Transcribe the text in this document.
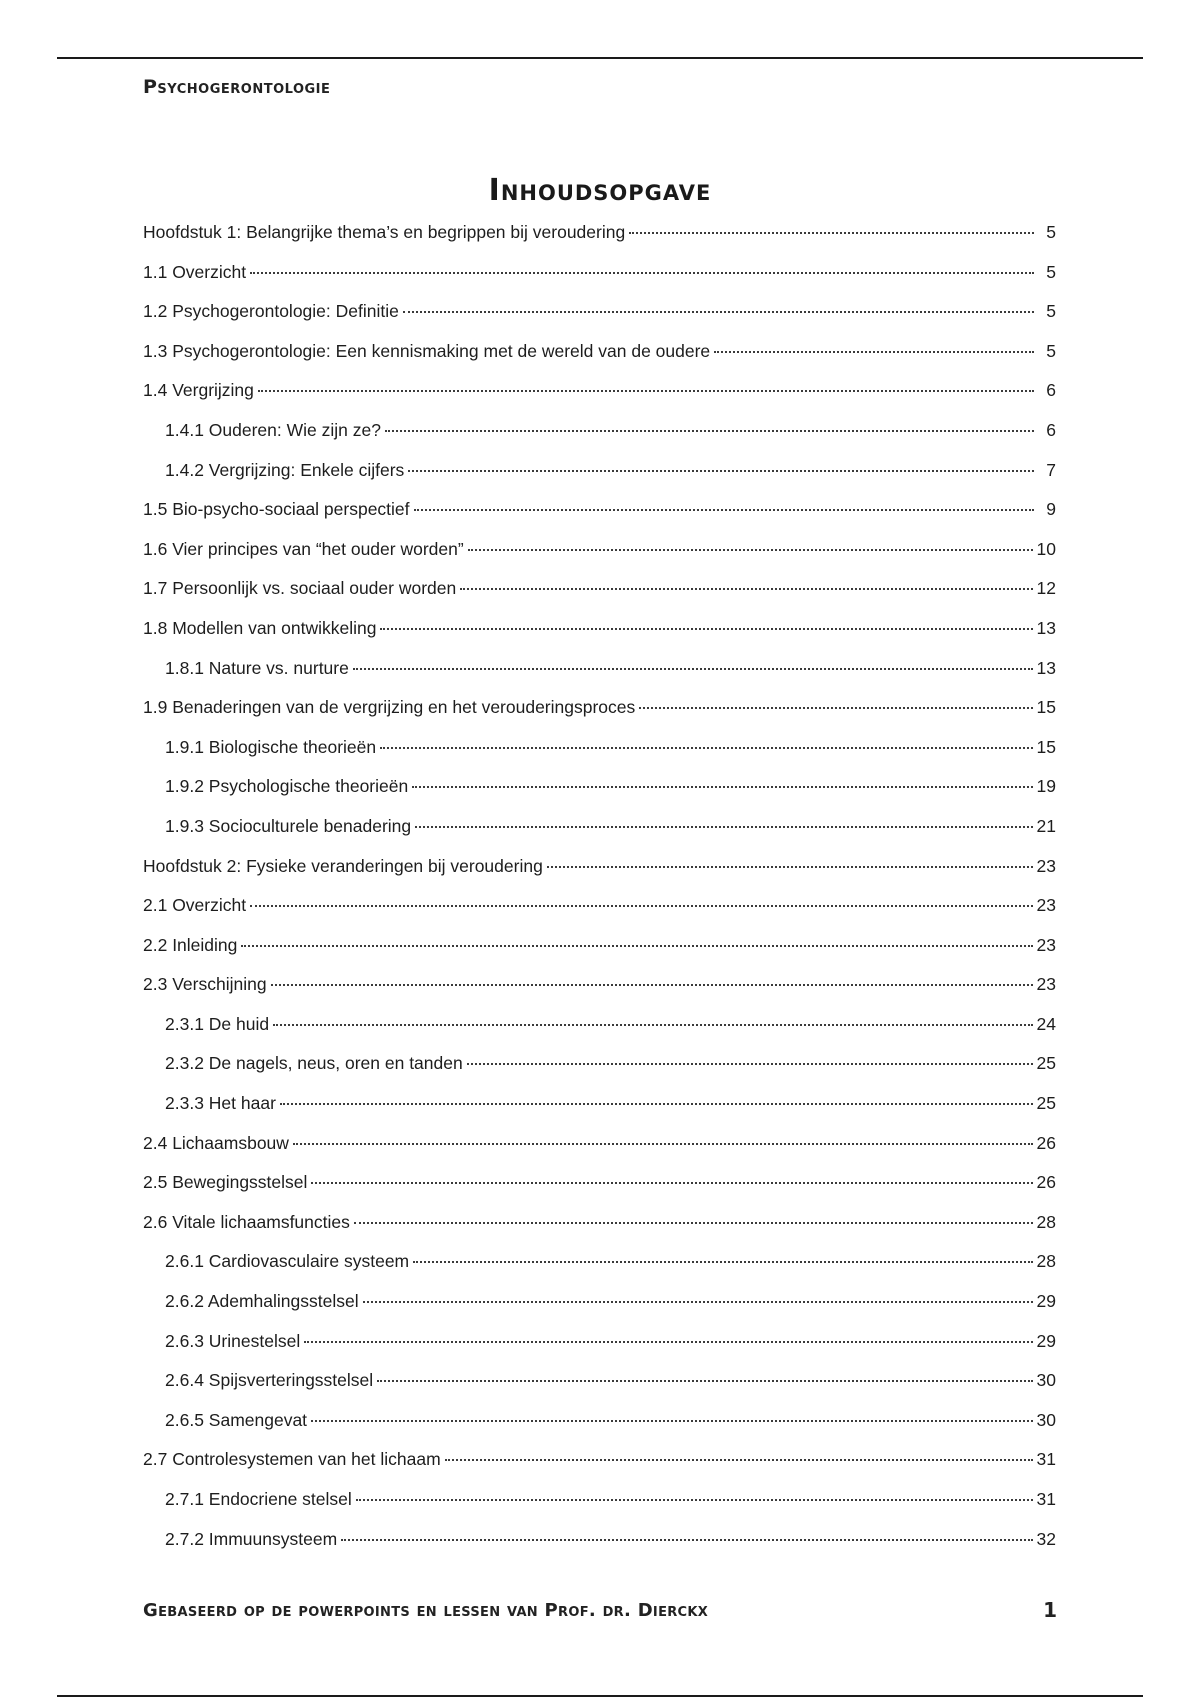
Psychogerontologie
Inhoudsopgave
Hoofdstuk 1: Belangrijke thema’s en begrippen bij veroudering	5
1.1 Overzicht	5
1.2 Psychogerontologie: Definitie	5
1.3 Psychogerontologie: Een kennismaking met de wereld van de oudere	5
1.4 Vergrijzing	6
1.4.1 Ouderen: Wie zijn ze?	6
1.4.2 Vergrijzing: Enkele cijfers	7
1.5 Bio-psycho-sociaal perspectief	9
1.6 Vier principes van “het ouder worden”	10
1.7 Persoonlijk vs. sociaal ouder worden	12
1.8 Modellen van ontwikkeling	13
1.8.1 Nature vs. nurture	13
1.9 Benaderingen van de vergrijzing en het verouderingsproces	15
1.9.1 Biologische theorieën	15
1.9.2 Psychologische theorieën	19
1.9.3 Socioculturele benadering	21
Hoofdstuk 2: Fysieke veranderingen bij veroudering	23
2.1 Overzicht	23
2.2 Inleiding	23
2.3 Verschijning	23
2.3.1 De huid	24
2.3.2 De nagels, neus, oren en tanden	25
2.3.3 Het haar	25
2.4 Lichaamsbouw	26
2.5 Bewegingsstelsel	26
2.6 Vitale lichaamsfuncties	28
2.6.1 Cardiovasculaire systeem	28
2.6.2 Ademhalingsstelsel	29
2.6.3 Urinestelsel	29
2.6.4 Spijsverteringsstelsel	30
2.6.5 Samengevat	30
2.7 Controlesystemen van het lichaam	31
2.7.1 Endocriene stelsel	31
2.7.2 Immuunsysteem	32
Gebaseerd op de powerpoints en lessen van Prof. dr. Dierckx	1
